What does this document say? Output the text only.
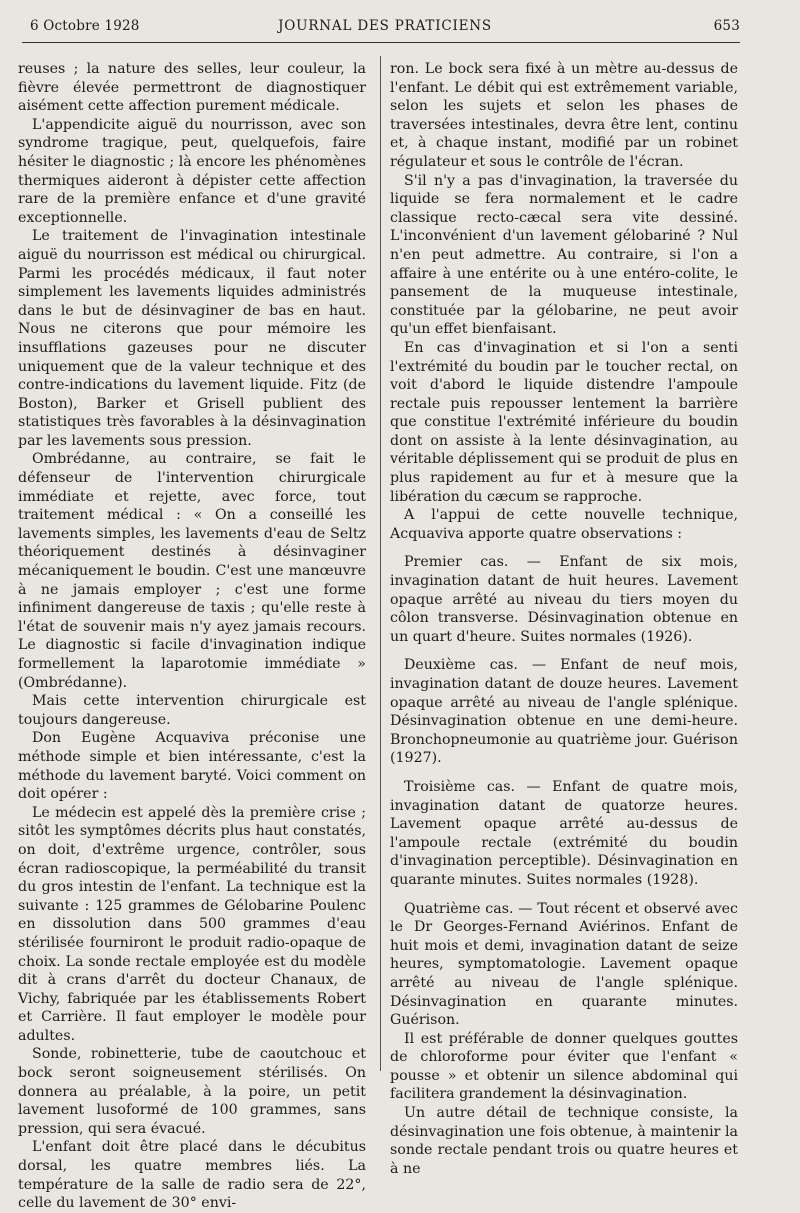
6 Octobre 1928	JOURNAL DES PRATICIENS	653

reuses ; la nature des selles, leur couleur, la fièvre élevée permettront de diagnostiquer aisément cette affection purement médicale.

L'appendicite aiguë du nourrisson, avec son syndrome tragique, peut, quelquefois, faire hésiter le diagnostic ; là encore les phénomènes thermiques aideront à dépister cette affection rare de la première enfance et d'une gravité exceptionnelle.

Le traitement de l'invagination intestinale aiguë du nourrisson est médical ou chirurgical. Parmi les procédés médicaux, il faut noter simplement les lavements liquides administrés dans le but de désinvaginer de bas en haut. Nous ne citerons que pour mémoire les insufflations gazeuses pour ne discuter uniquement que de la valeur technique et des contre-indications du lavement liquide. Fitz (de Boston), Barker et Grisell publient des statistiques très favorables à la désinvagination par les lavements sous pression.

Ombrédanne, au contraire, se fait le défenseur de l'intervention chirurgicale immédiate et rejette, avec force, tout traitement médical : « On a conseillé les lavements simples, les lavements d'eau de Seltz théoriquement destinés à désinvaginer mécaniquement le boudin. C'est une manœuvre à ne jamais employer ; c'est une forme infiniment dangereuse de taxis ; qu'elle reste à l'état de souvenir mais n'y ayez jamais recours. Le diagnostic si facile d'invagination indique formellement la laparotomie immédiate » (Ombrédanne).

Mais cette intervention chirurgicale est toujours dangereuse.

Don Eugène Acquaviva préconise une méthode simple et bien intéressante, c'est la méthode du lavement baryté. Voici comment on doit opérer :

Le médecin est appelé dès la première crise ; sitôt les symptômes décrits plus haut constatés, on doit, d'extrême urgence, contrôler, sous écran radioscopique, la perméabilité du transit du gros intestin de l'enfant. La technique est la suivante : 125 grammes de Gélobarine Poulenc en dissolution dans 500 grammes d'eau stérilisée fourniront le produit radio-opaque de choix. La sonde rectale employée est du modèle dit à crans d'arrêt du docteur Chanaux, de Vichy, fabriquée par les établissements Robert et Carrière. Il faut employer le modèle pour adultes.

Sonde, robinetterie, tube de caoutchouc et bock seront soigneusement stérilisés. On donnera au préalable, à la poire, un petit lavement lusoformé de 100 grammes, sans pression, qui sera évacué.

L'enfant doit être placé dans le décubitus dorsal, les quatre membres liés. La température de la salle de radio sera de 22°, celle du lavement de 30° envi-

ron. Le bock sera fixé à un mètre au-dessus de l'enfant. Le débit qui est extrêmement variable, selon les sujets et selon les phases de traversées intestinales, devra être lent, continu et, à chaque instant, modifié par un robinet régulateur et sous le contrôle de l'écran.

S'il n'y a pas d'invagination, la traversée du liquide se fera normalement et le cadre classique recto-cæcal sera vite dessiné. L'inconvénient d'un lavement gélobariné ? Nul n'en peut admettre. Au contraire, si l'on a affaire à une entérite ou à une entéro-colite, le pansement de la muqueuse intestinale, constituée par la gélobarine, ne peut avoir qu'un effet bienfaisant.

En cas d'invagination et si l'on a senti l'extrémité du boudin par le toucher rectal, on voit d'abord le liquide distendre l'ampoule rectale puis repousser lentement la barrière que constitue l'extrémité inférieure du boudin dont on assiste à la lente désinvagination, au véritable déplissement qui se produit de plus en plus rapidement au fur et à mesure que la libération du cæcum se rapproche.

A l'appui de cette nouvelle technique, Acquaviva apporte quatre observations :

Premier cas. — Enfant de six mois, invagination datant de huit heures. Lavement opaque arrêté au niveau du tiers moyen du côlon transverse. Désinvagination obtenue en un quart d'heure. Suites normales (1926).

Deuxième cas. — Enfant de neuf mois, invagination datant de douze heures. Lavement opaque arrêté au niveau de l'angle splénique. Désinvagination obtenue en une demi-heure. Bronchopneumonie au quatrième jour. Guérison (1927).

Troisième cas. — Enfant de quatre mois, invagination datant de quatorze heures. Lavement opaque arrêté au-dessus de l'ampoule rectale (extrémité du boudin d'invagination perceptible). Désinvagination en quarante minutes. Suites normales (1928).

Quatrième cas. — Tout récent et observé avec le Dr Georges-Fernand Aviérinos. Enfant de huit mois et demi, invagination datant de seize heures, symptomatologie. Lavement opaque arrêté au niveau de l'angle splénique. Désinvagination en quarante minutes. Guérison.

Il est préférable de donner quelques gouttes de chloroforme pour éviter que l'enfant « pousse » et obtenir un silence abdominal qui facilitera grandement la désinvagination.

Un autre détail de technique consiste, la désinvagination une fois obtenue, à maintenir la sonde rectale pendant trois ou quatre heures et à ne
